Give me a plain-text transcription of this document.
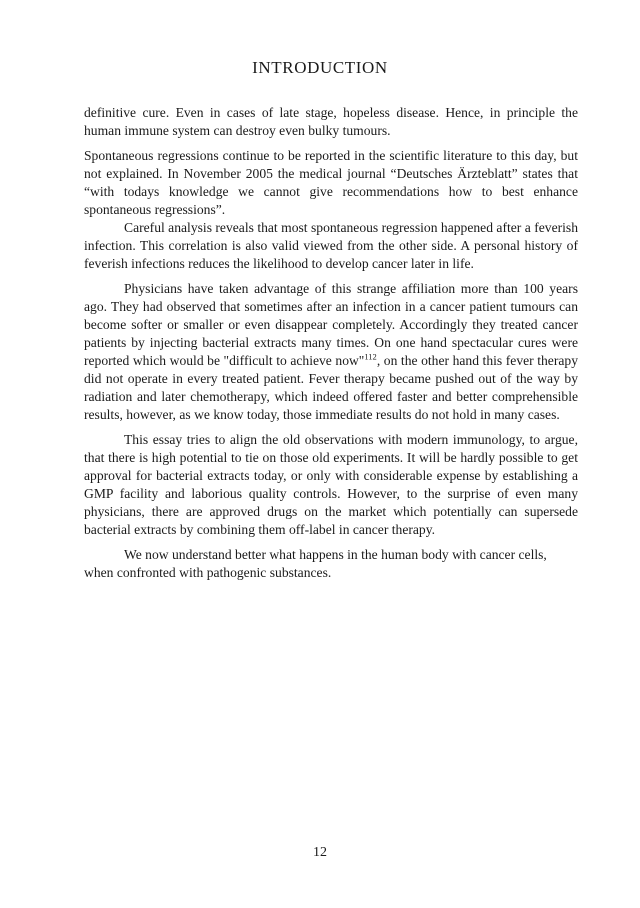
INTRODUCTION

definitive cure. Even in cases of late stage, hopeless disease. Hence, in principle the human immune system can destroy even bulky tumours.

Spontaneous regressions continue to be reported in the scientific literature to this day, but not explained. In November 2005 the medical journal “Deutsches Ärzteblatt” states that “with todays knowledge we cannot give recommendations how to best enhance spontaneous regressions”.

Careful analysis reveals that most spontaneous regression happened after a feverish infection. This correlation is also valid viewed from the other side. A personal history of feverish infections reduces the likelihood to develop cancer later in life.

Physicians have taken advantage of this strange affiliation more than 100 years ago. They had observed that sometimes after an infection in a cancer patient tumours can become softer or smaller or even disappear completely. Accordingly they treated cancer patients by injecting bacterial extracts many times. On one hand spectacular cures were reported which would be "difficult to achieve now"$^{112}$, on the other hand this fever therapy did not operate in every treated patient. Fever therapy became pushed out of the way by radiation and later chemotherapy, which indeed offered faster and better comprehensible results, however, as we know today, those immediate results do not hold in many cases.

This essay tries to align the old observations with modern immunology, to argue, that there is high potential to tie on those old experiments. It will be hardly possible to get approval for bacterial extracts today, or only with considerable expense by establishing a GMP facility and laborious quality controls. However, to the surprise of even many physicians, there are approved drugs on the market which potentially can supersede bacterial extracts by combining them off-label in cancer therapy.

We now understand better what happens in the human body with cancer cells, when confronted with pathogenic substances.

12
